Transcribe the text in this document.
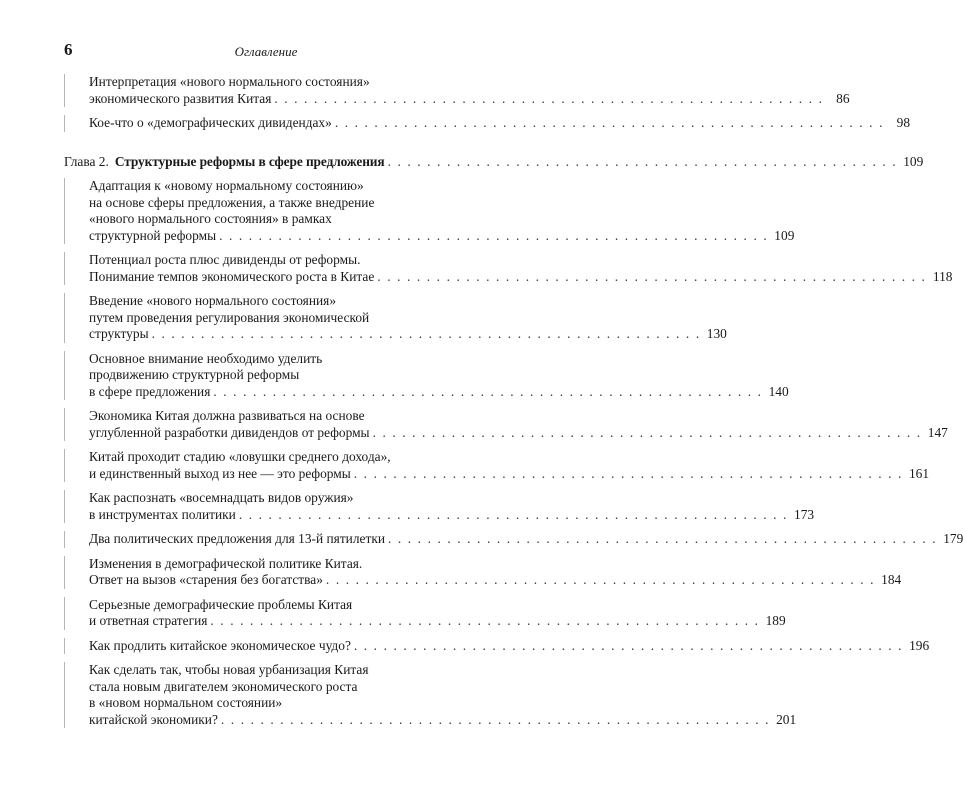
6	Оглавление
Интерпретация «нового нормального состояния»
экономического развития Китая . . . . . . . . . . . . . . . . . . . . . . . . . . . . . . . . . . . . . . . . . . . . . . . . . . . . . . . . 86
Кое-что о «демографических дивидендах» . . . . . . . . . . . . . . . . . . . . . . . . . . . . . . . . . . . . . . . . . . . . . . . . . . . . . . . . 98
Глава 2. Структурные реформы в сфере предложения . . . . . . . . . . . . . . . . . . . . . . . . . . . . . . . . . . . . . . . . . . . . . . . . . . . . 109
Адаптация к «новому нормальному состоянию»
на основе сферы предложения, а также внедрение
«нового нормального состояния» в рамках
структурной реформы . . . . . . . . . . . . . . . . . . . . . . . . . . . . . . . . . . . . . . . . . . . . . . . . . . . . . . . . 109
Потенциал роста плюс дивиденды от реформы.
Понимание темпов экономического роста в Китае . . . . . . . . . . . . . . . . . . . . . . . . . . . . . . . . . . . . . . . . . . . . . . . . . . . . . . . . 118
Введение «нового нормального состояния»
путем проведения регулирования экономической
структуры . . . . . . . . . . . . . . . . . . . . . . . . . . . . . . . . . . . . . . . . . . . . . . . . . . . . . . . . 130
Основное внимание необходимо уделить
продвижению структурной реформы
в сфере предложения . . . . . . . . . . . . . . . . . . . . . . . . . . . . . . . . . . . . . . . . . . . . . . . . . . . . . . . . 140
Экономика Китая должна развиваться на основе
углубленной разработки дивидендов от реформы . . . . . . . . . . . . . . . . . . . . . . . . . . . . . . . . . . . . . . . . . . . . . . . . . . . . . . . . 147
Китай проходит стадию «ловушки среднего дохода»,
и единственный выход из нее — это реформы . . . . . . . . . . . . . . . . . . . . . . . . . . . . . . . . . . . . . . . . . . . . . . . . . . . . . . . . 161
Как распознать «восемнадцать видов оружия»
в инструментах политики . . . . . . . . . . . . . . . . . . . . . . . . . . . . . . . . . . . . . . . . . . . . . . . . . . . . . . . . 173
Два политических предложения для 13-й пятилетки . . . . . . . . . . . . . . . . . . . . . . . . . . . . . . . . . . . . . . . . . . . . . . . . . . . . . . . . 179
Изменения в демографической политике Китая.
Ответ на вызов «старения без богатства» . . . . . . . . . . . . . . . . . . . . . . . . . . . . . . . . . . . . . . . . . . . . . . . . . . . . . . . . 184
Серьезные демографические проблемы Китая
и ответная стратегия . . . . . . . . . . . . . . . . . . . . . . . . . . . . . . . . . . . . . . . . . . . . . . . . . . . . . . . . 189
Как продлить китайское экономическое чудо? . . . . . . . . . . . . . . . . . . . . . . . . . . . . . . . . . . . . . . . . . . . . . . . . . . . . . . . . 196
Как сделать так, чтобы новая урбанизация Китая
стала новым двигателем экономического роста
в «новом нормальном состоянии»
китайской экономики? . . . . . . . . . . . . . . . . . . . . . . . . . . . . . . . . . . . . . . . . . . . . . . . . . . . . . . . . 201
